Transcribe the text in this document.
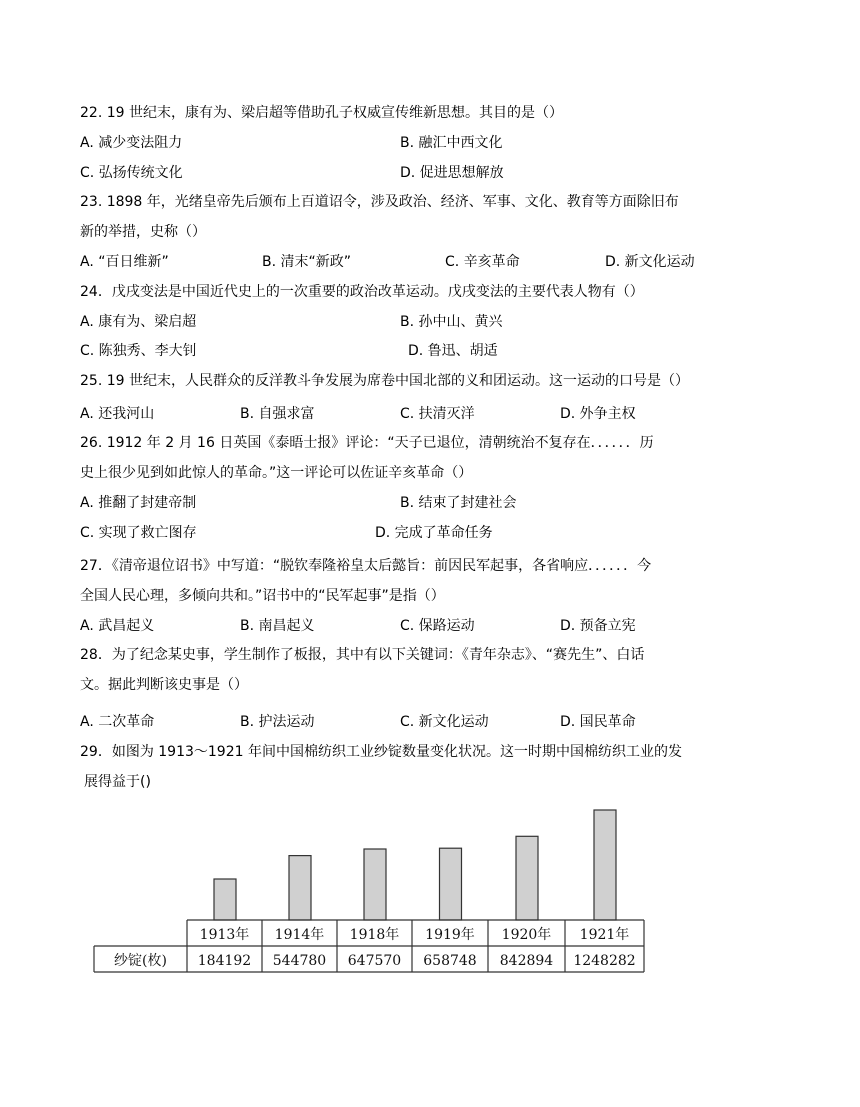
22. 19 世纪末，康有为、梁启超等借助孔子权威宣传维新思想。其目的是（）
A. 减少变法阻力	B. 融汇中西文化
C. 弘扬传统文化	D. 促进思想解放
23. 1898 年，光绪皇帝先后颁布上百道诏令，涉及政治、经济、军事、文化、教育等方面除旧布
新的举措，史称（）
A. “百日维新”	B. 清末“新政”	C. 辛亥革命	D. 新文化运动
24．戊戌变法是中国近代史上的一次重要的政治改革运动。戊戌变法的主要代表人物有（）
A. 康有为、梁启超	B. 孙中山、黄兴
C. 陈独秀、李大钊	D. 鲁迅、胡适
25. 19 世纪末，人民群众的反洋教斗争发展为席卷中国北部的义和团运动。这一运动的口号是（）
A. 还我河山	B. 自强求富	C. 扶清灭洋	D. 外争主权
26. 1912 年 2 月 16 日英国《泰晤士报》评论：“天子已退位，清朝统治不复存在．．．．．．历
史上很少见到如此惊人的革命。”这一评论可以佐证辛亥革命（）
A. 推翻了封建帝制	B. 结束了封建社会
C. 实现了救亡图存	D. 完成了革命任务
27．《清帝退位诏书》中写道：“脱钦奉隆裕皇太后懿旨：前因民军起事，各省响应．．．．．．今
全国人民心理，多倾向共和。”诏书中的“民军起事”是指（）
A. 武昌起义	B. 南昌起义	C. 保路运动	D. 预备立宪
28．为了纪念某史事，学生制作了板报，其中有以下关键词：《青年杂志》、“赛先生”、白话
文。据此判断该史事是（）
A. 二次革命	B. 护法运动	C. 新文化运动	D. 国民革命
29．如图为 1913～1921 年间中国棉纺织工业纱锭数量变化状况。这一时期中国棉纺织工业的发
展得益于()
1913年 1914年 1918年 1919年 1920年 1921年
纱锭(枚) 184192 544780 647570 658748 842894 1248282
